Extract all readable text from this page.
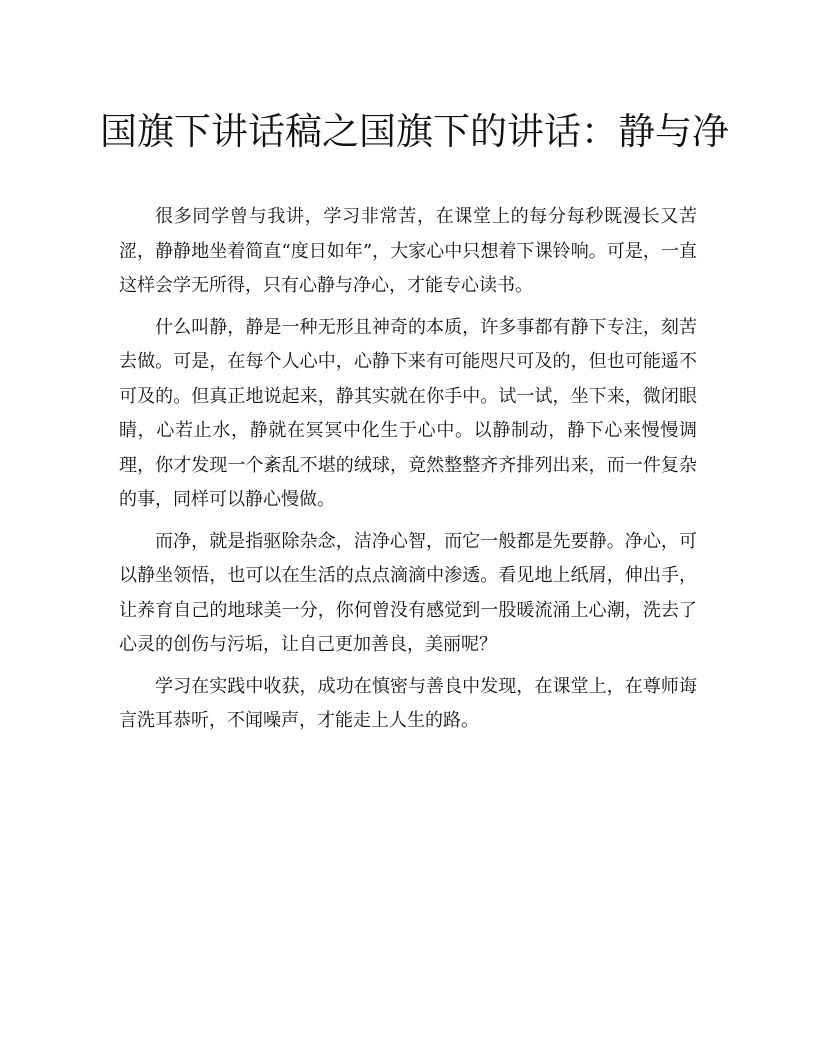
国旗下讲话稿之国旗下的讲话：静与净

很多同学曾与我讲，学习非常苦，在课堂上的每分每秒既漫长又苦涩，静静地坐着简直“度日如年”，大家心中只想着下课铃响。可是，一直这样会学无所得，只有心静与净心，才能专心读书。

什么叫静，静是一种无形且神奇的本质，许多事都有静下专注，刻苦去做。可是，在每个人心中，心静下来有可能咫尺可及的，但也可能遥不可及的。但真正地说起来，静其实就在你手中。试一试，坐下来，微闭眼睛，心若止水，静就在冥冥中化生于心中。以静制动，静下心来慢慢调理，你才发现一个紊乱不堪的绒球，竟然整整齐齐排列出来，而一件复杂的事，同样可以静心慢做。

而净，就是指驱除杂念，洁净心智，而它一般都是先要静。净心，可以静坐领悟，也可以在生活的点点滴滴中渗透。看见地上纸屑，伸出手，让养育自己的地球美一分，你何曾没有感觉到一股暖流涌上心潮，洗去了心灵的创伤与污垢，让自己更加善良，美丽呢？

学习在实践中收获，成功在慎密与善良中发现，在课堂上，在尊师诲言洗耳恭听，不闻噪声，才能走上人生的路。
